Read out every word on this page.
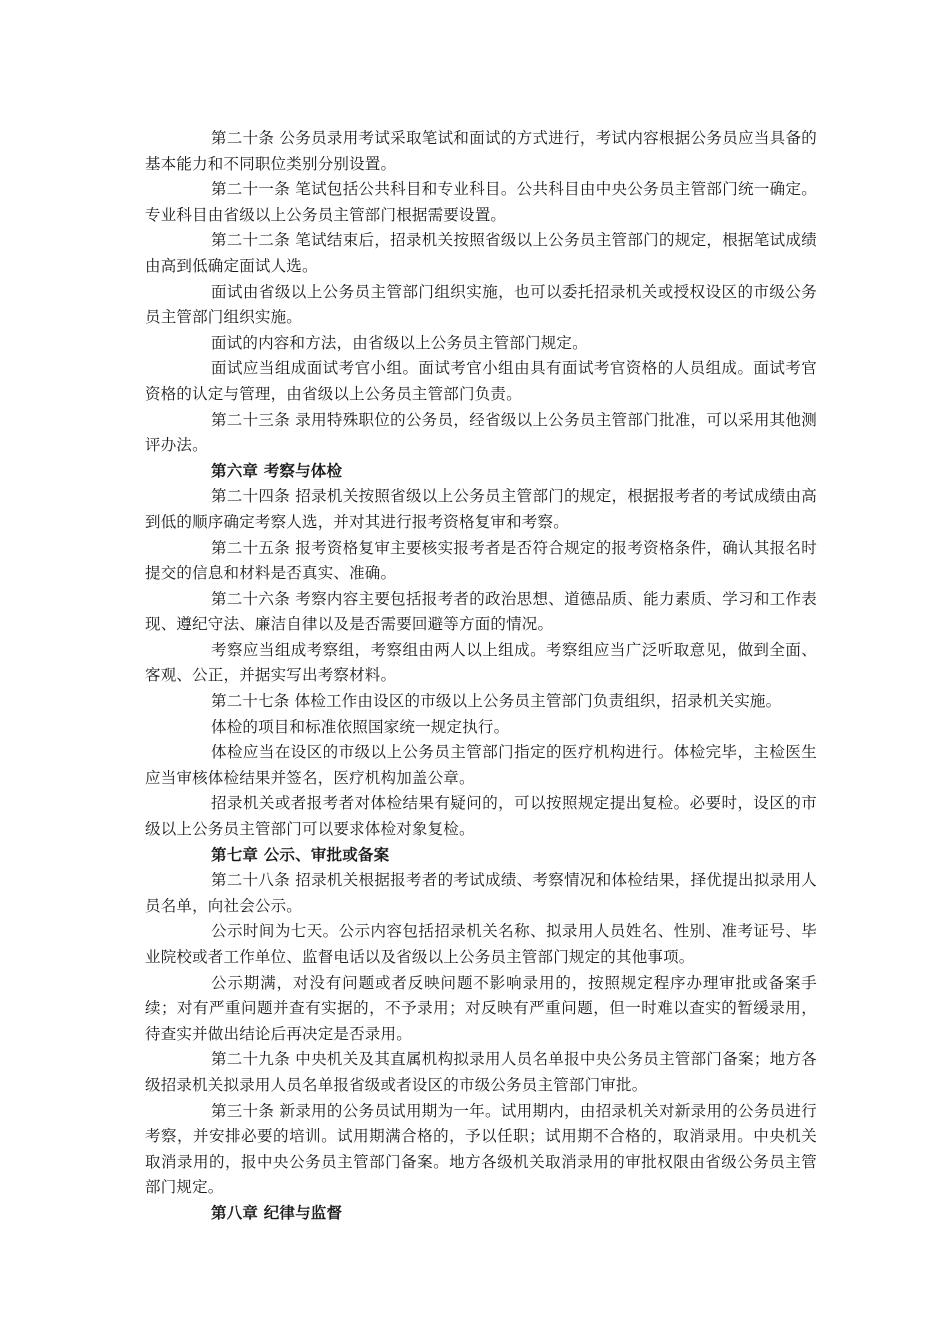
第二十条 公务员录用考试采取笔试和面试的方式进行，考试内容根据公务员应当具备的基本能力和不同职位类别分别设置。

第二十一条 笔试包括公共科目和专业科目。公共科目由中央公务员主管部门统一确定。专业科目由省级以上公务员主管部门根据需要设置。

第二十二条 笔试结束后，招录机关按照省级以上公务员主管部门的规定，根据笔试成绩由高到低确定面试人选。

面试由省级以上公务员主管部门组织实施，也可以委托招录机关或授权设区的市级公务员主管部门组织实施。

面试的内容和方法，由省级以上公务员主管部门规定。

面试应当组成面试考官小组。面试考官小组由具有面试考官资格的人员组成。面试考官资格的认定与管理，由省级以上公务员主管部门负责。

第二十三条 录用特殊职位的公务员，经省级以上公务员主管部门批准，可以采用其他测评办法。

第六章 考察与体检

第二十四条 招录机关按照省级以上公务员主管部门的规定，根据报考者的考试成绩由高到低的顺序确定考察人选，并对其进行报考资格复审和考察。

第二十五条 报考资格复审主要核实报考者是否符合规定的报考资格条件，确认其报名时提交的信息和材料是否真实、准确。

第二十六条 考察内容主要包括报考者的政治思想、道德品质、能力素质、学习和工作表现、遵纪守法、廉洁自律以及是否需要回避等方面的情况。

考察应当组成考察组，考察组由两人以上组成。考察组应当广泛听取意见，做到全面、客观、公正，并据实写出考察材料。

第二十七条 体检工作由设区的市级以上公务员主管部门负责组织，招录机关实施。

体检的项目和标准依照国家统一规定执行。

体检应当在设区的市级以上公务员主管部门指定的医疗机构进行。体检完毕，主检医生应当审核体检结果并签名，医疗机构加盖公章。

招录机关或者报考者对体检结果有疑问的，可以按照规定提出复检。必要时，设区的市级以上公务员主管部门可以要求体检对象复检。

第七章 公示、审批或备案

第二十八条 招录机关根据报考者的考试成绩、考察情况和体检结果，择优提出拟录用人员名单，向社会公示。

公示时间为七天。公示内容包括招录机关名称、拟录用人员姓名、性别、准考证号、毕业院校或者工作单位、监督电话以及省级以上公务员主管部门规定的其他事项。

公示期满，对没有问题或者反映问题不影响录用的，按照规定程序办理审批或备案手续；对有严重问题并查有实据的，不予录用；对反映有严重问题，但一时难以查实的暂缓录用，待查实并做出结论后再决定是否录用。

第二十九条 中央机关及其直属机构拟录用人员名单报中央公务员主管部门备案；地方各级招录机关拟录用人员名单报省级或者设区的市级公务员主管部门审批。

第三十条 新录用的公务员试用期为一年。试用期内，由招录机关对新录用的公务员进行考察，并安排必要的培训。试用期满合格的，予以任职；试用期不合格的，取消录用。中央机关取消录用的，报中央公务员主管部门备案。地方各级机关取消录用的审批权限由省级公务员主管部门规定。

第八章 纪律与监督
